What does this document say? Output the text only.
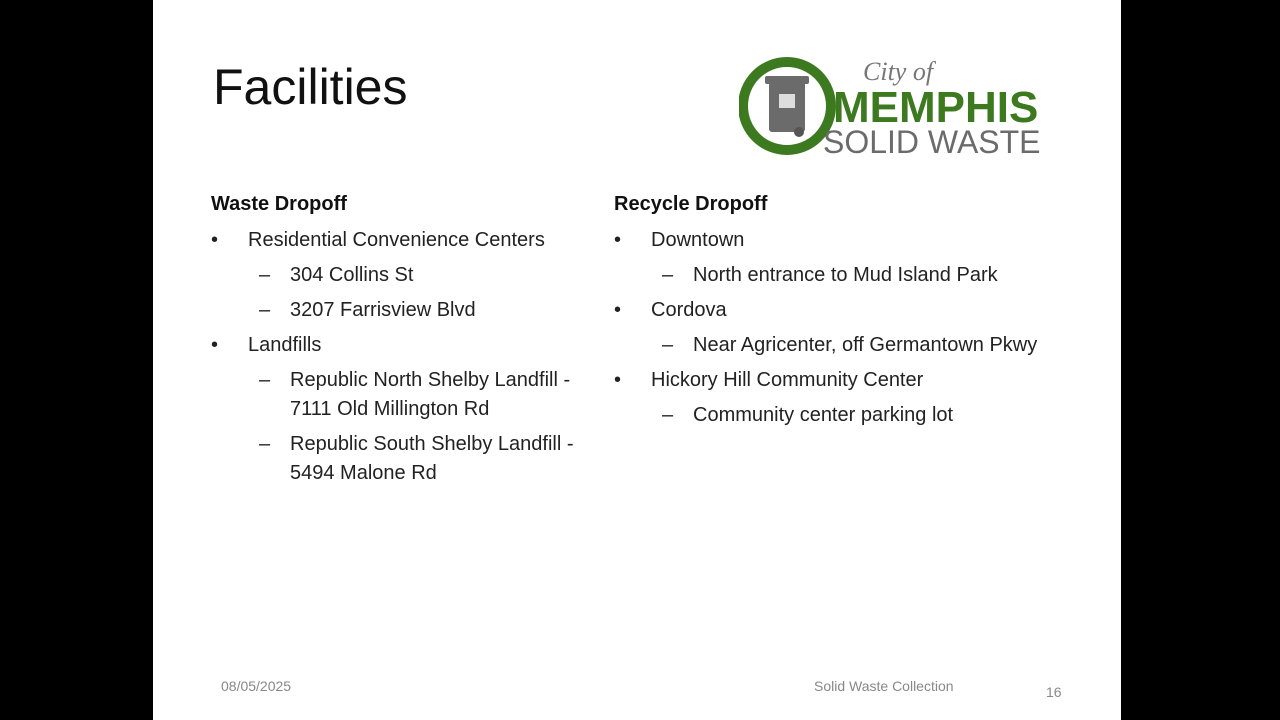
Facilities	City of
MEMPHIS
SOLID WASTE
Waste Dropoff
• Residential Convenience Centers
– 304 Collins St
– 3207 Farrisview Blvd
• Landfills
– Republic North Shelby Landfill - 7111 Old Millington Rd
– Republic South Shelby Landfill - 5494 Malone Rd
Recycle Dropoff
• Downtown
– North entrance to Mud Island Park
• Cordova
– Near Agricenter, off Germantown Pkwy
• Hickory Hill Community Center
– Community center parking lot
08/05/2025	Solid Waste Collection	16
